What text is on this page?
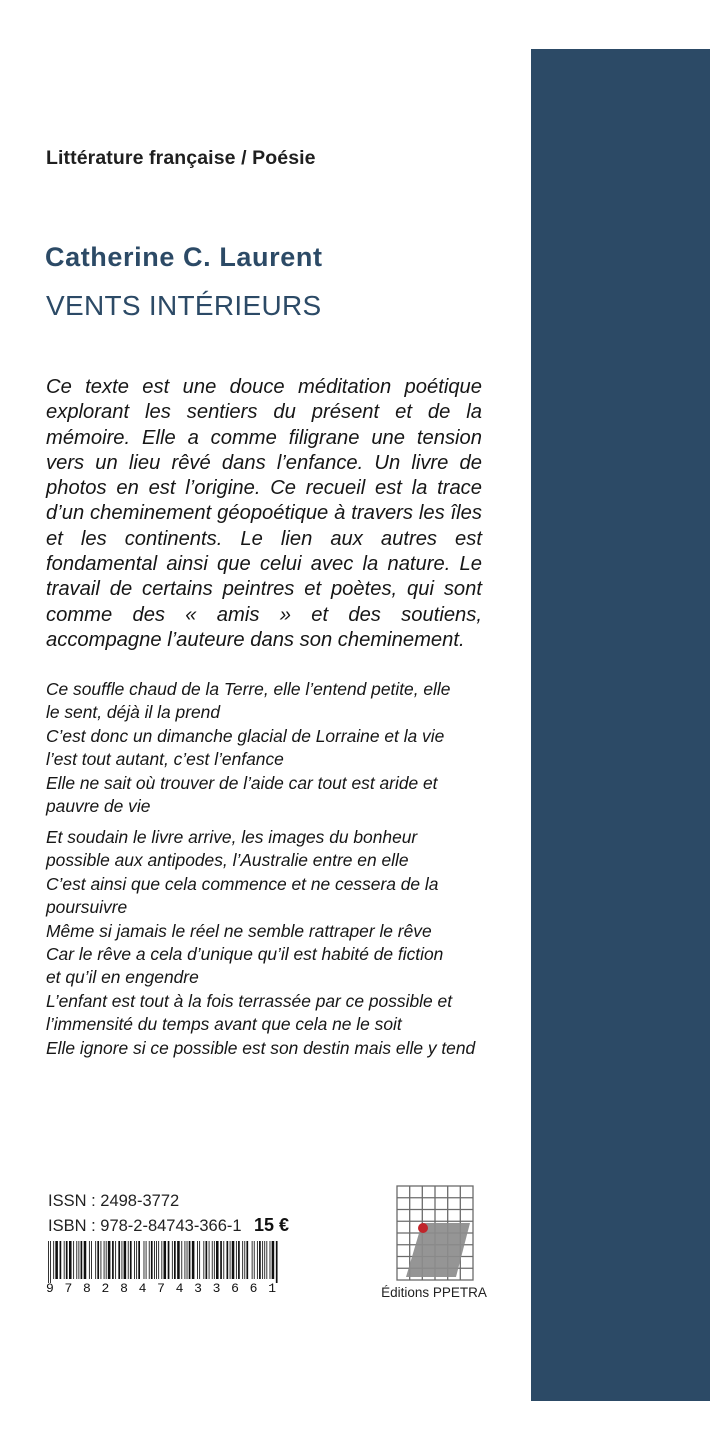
Littérature française / Poésie
Catherine C. Laurent
VENTS INTÉRIEURS

Ce texte est une douce méditation poétique explorant les sentiers du présent et de la mémoire. Elle a comme filigrane une tension vers un lieu rêvé dans l’enfance. Un livre de photos en est l’origine. Ce recueil est la trace d’un cheminement géopoétique à travers les îles et les continents. Le lien aux autres est fondamental ainsi que celui avec la nature. Le travail de certains peintres et poètes, qui sont comme des « amis » et des soutiens, accompagne l’auteure dans son cheminement.

Ce souffle chaud de la Terre, elle l’entend petite, elle
le sent, déjà il la prend
C’est donc un dimanche glacial de Lorraine et la vie
l’est tout autant, c’est l’enfance
Elle ne sait où trouver de l’aide car tout est aride et
pauvre de vie
Et soudain le livre arrive, les images du bonheur
possible aux antipodes, l’Australie entre en elle
C’est ainsi que cela commence et ne cessera de la
poursuivre
Même si jamais le réel ne semble rattraper le rêve
Car le rêve a cela d’unique qu’il est habité de fiction
et qu’il en engendre
L’enfant est tout à la fois terrassée par ce possible et
l’immensité du temps avant que cela ne le soit
Elle ignore si ce possible est son destin mais elle y tend
ISSN : 2498-3772
ISBN : 978-2-84743-366-1 15 €
9 7 8 2 8 4 7 4 3 3 6 6 1	Éditions PPETRA
